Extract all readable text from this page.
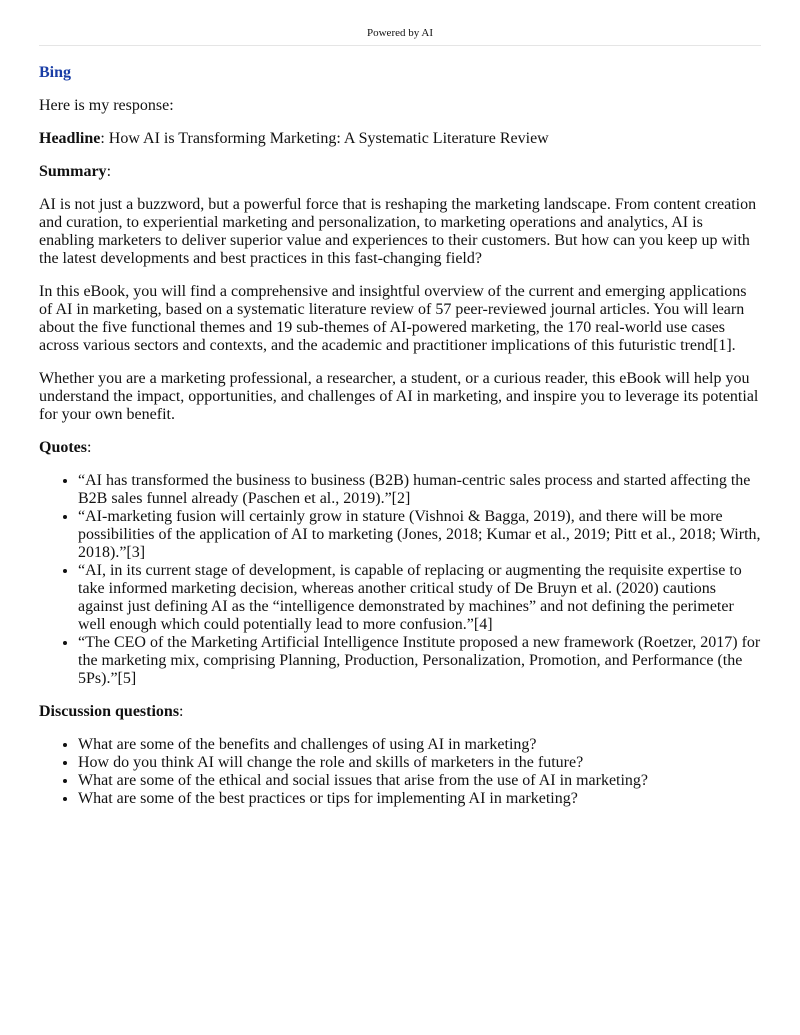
Powered by AI
Bing

Here is my response:

Headline: How AI is Transforming Marketing: A Systematic Literature Review

Summary:

AI is not just a buzzword, but a powerful force that is reshaping the marketing landscape. From content creation and curation, to experiential marketing and personalization, to marketing operations and analytics, AI is enabling marketers to deliver superior value and experiences to their customers. But how can you keep up with the latest developments and best practices in this fast-changing field?

In this eBook, you will find a comprehensive and insightful overview of the current and emerging applications of AI in marketing, based on a systematic literature review of 57 peer-reviewed journal articles. You will learn about the five functional themes and 19 sub-themes of AI-powered marketing, the 170 real-world use cases across various sectors and contexts, and the academic and practitioner implications of this futuristic trend[1].

Whether you are a marketing professional, a researcher, a student, or a curious reader, this eBook will help you understand the impact, opportunities, and challenges of AI in marketing, and inspire you to leverage its potential for your own benefit.

Quotes:

• “AI has transformed the business to business (B2B) human-centric sales process and started affecting the B2B sales funnel already (Paschen et al., 2019).”[2]
• “AI-marketing fusion will certainly grow in stature (Vishnoi & Bagga, 2019), and there will be more possibilities of the application of AI to marketing (Jones, 2018; Kumar et al., 2019; Pitt et al., 2018; Wirth, 2018).”[3]
• “AI, in its current stage of development, is capable of replacing or augmenting the requisite expertise to take informed marketing decision, whereas another critical study of De Bruyn et al. (2020) cautions against just defining AI as the “intelligence demonstrated by machines” and not defining the perimeter well enough which could potentially lead to more confusion.”[4]
• “The CEO of the Marketing Artificial Intelligence Institute proposed a new framework (Roetzer, 2017) for the marketing mix, comprising Planning, Production, Personalization, Promotion, and Performance (the 5Ps).”[5]

Discussion questions:

• What are some of the benefits and challenges of using AI in marketing?
• How do you think AI will change the role and skills of marketers in the future?
• What are some of the ethical and social issues that arise from the use of AI in marketing?
• What are some of the best practices or tips for implementing AI in marketing?
